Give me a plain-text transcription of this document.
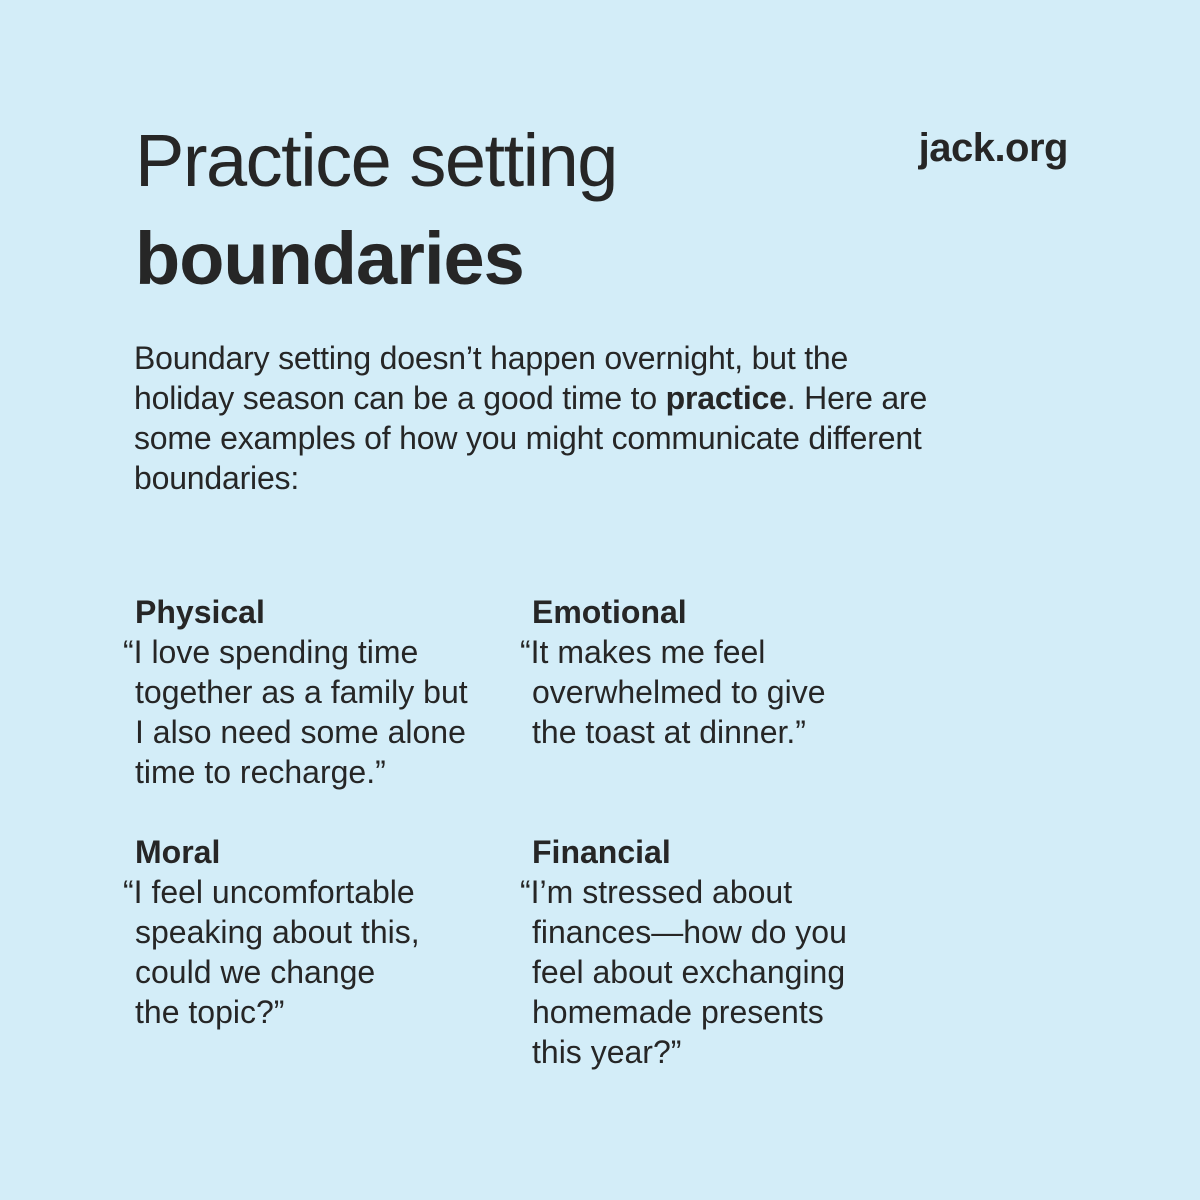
jack.org
Practice setting
boundaries

Boundary setting doesn’t happen overnight, but the holiday season can be a good time to practice. Here are some examples of how you might communicate different boundaries:

Physical

“I love spending time
together as a family but
I also need some alone
time to recharge.”

Emotional

“It makes me feel
overwhelmed to give
the toast at dinner.”

Moral

“I feel uncomfortable
speaking about this,
could we change
the topic?”

Financial

“I’m stressed about
finances—how do you
feel about exchanging
homemade presents
this year?”
